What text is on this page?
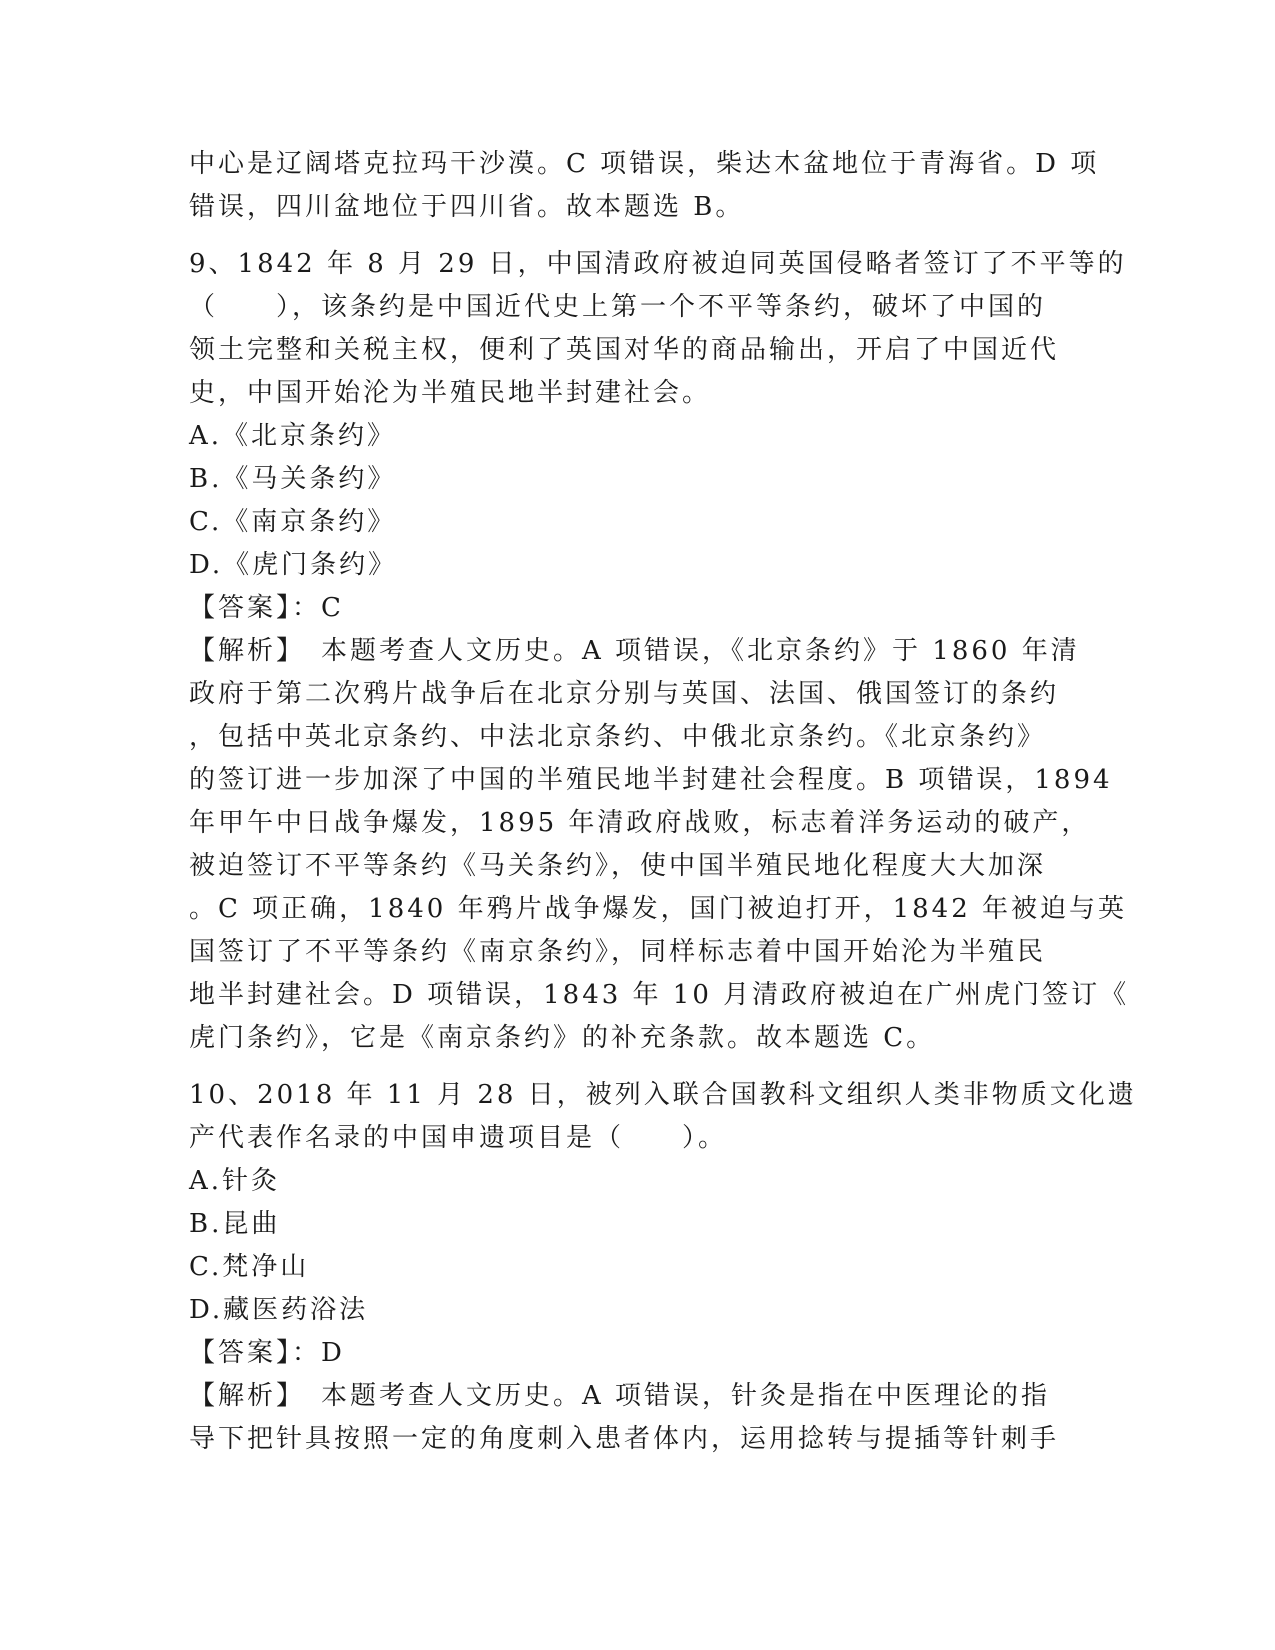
中心是辽阔塔克拉玛干沙漠。C 项错误，柴达木盆地位于青海省。D 项
错误，四川盆地位于四川省。故本题选 B。
9、1842 年 8 月 29 日，中国清政府被迫同英国侵略者签订了不平等的
（　　），该条约是中国近代史上第一个不平等条约，破坏了中国的
领土完整和关税主权，便利了英国对华的商品输出，开启了中国近代
史，中国开始沦为半殖民地半封建社会。
A.《北京条约》
B.《马关条约》
C.《南京条约》
D.《虎门条约》
【答案】：C
【解析】　本题考查人文历史。A 项错误，《北京条约》于 1860 年清
政府于第二次鸦片战争后在北京分别与英国、法国、俄国签订的条约
，包括中英北京条约、中法北京条约、中俄北京条约。《北京条约》
的签订进一步加深了中国的半殖民地半封建社会程度。B 项错误，1894
年甲午中日战争爆发，1895 年清政府战败，标志着洋务运动的破产，
被迫签订不平等条约《马关条约》，使中国半殖民地化程度大大加深
。C 项正确，1840 年鸦片战争爆发，国门被迫打开，1842 年被迫与英
国签订了不平等条约《南京条约》，同样标志着中国开始沦为半殖民
地半封建社会。D 项错误，1843 年 10 月清政府被迫在广州虎门签订《
虎门条约》，它是《南京条约》的补充条款。故本题选 C。
10、2018 年 11 月 28 日，被列入联合国教科文组织人类非物质文化遗
产代表作名录的中国申遗项目是（　　）。
A.针灸
B.昆曲
C.梵净山
D.藏医药浴法
【答案】：D
【解析】　本题考查人文历史。A 项错误，针灸是指在中医理论的指
导下把针具按照一定的角度刺入患者体内，运用捻转与提插等针刺手
